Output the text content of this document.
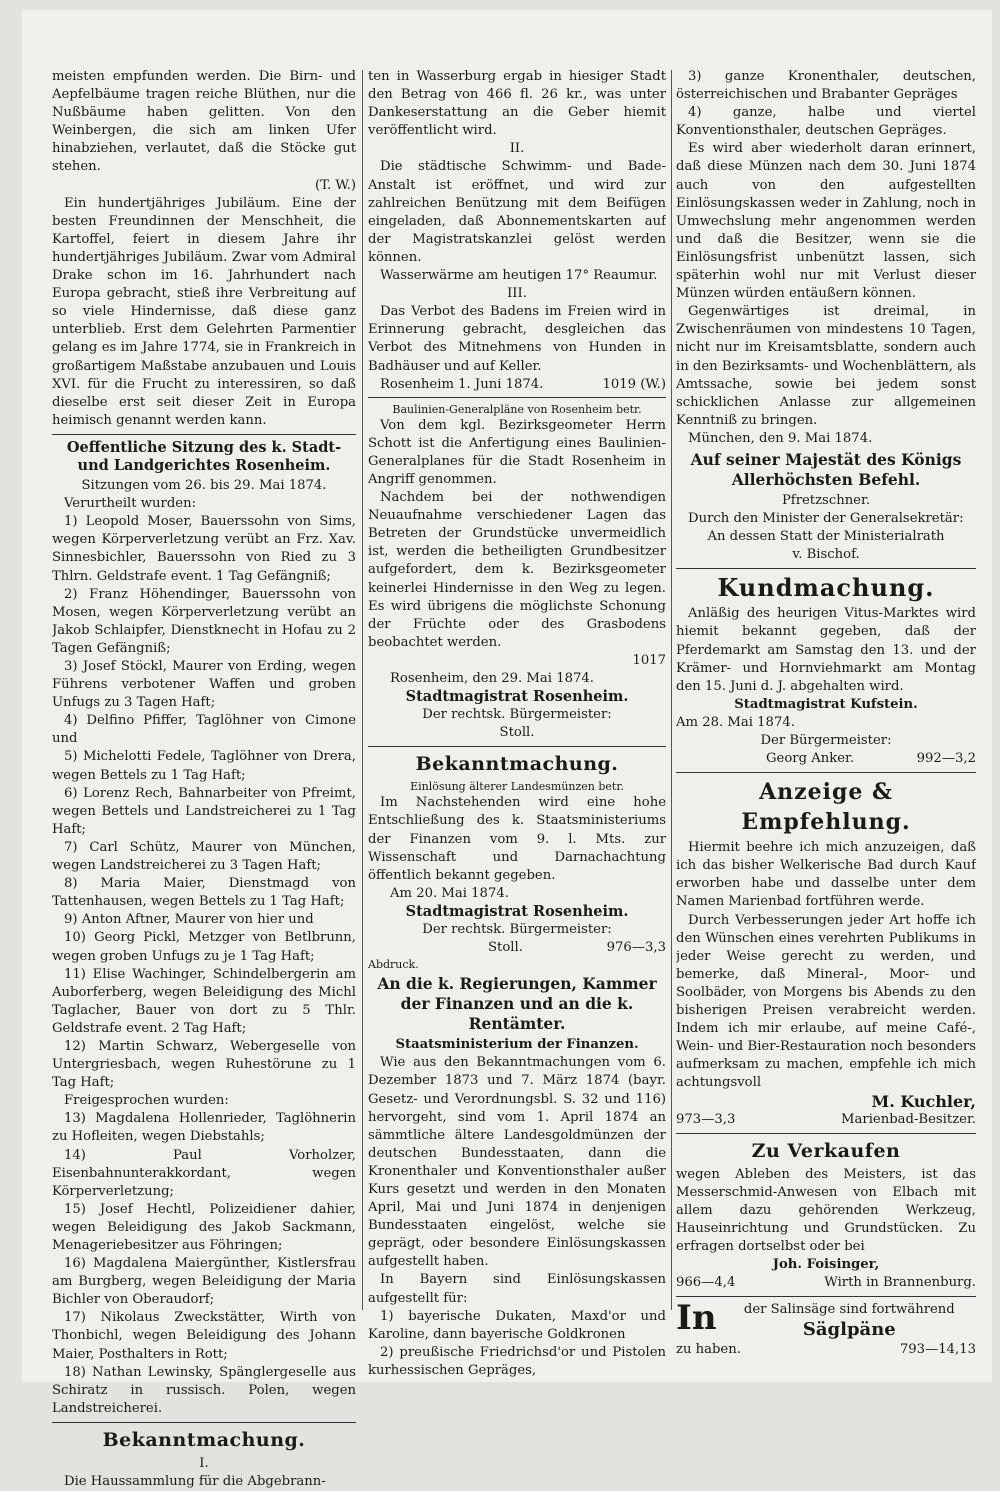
meisten empfunden werden. Die Birn- und Aepfelbäume tragen reiche Blüthen, nur die Nußbäume haben gelitten. Von den Weinbergen, die sich am linken Ufer hinabziehen, verlautet, daß die Stöcke gut stehen.

(T. W.)

Ein hundertjähriges Jubiläum. Eine der besten Freundinnen der Menschheit, die Kartoffel, feiert in diesem Jahre ihr hundertjähriges Jubiläum. Zwar vom Admiral Drake schon im 16. Jahrhundert nach Europa gebracht, stieß ihre Verbreitung auf so viele Hindernisse, daß diese ganz unterblieb. Erst dem Gelehrten Parmentier gelang es im Jahre 1774, sie in Frankreich in großartigem Maßstabe anzubauen und Louis XVI. für die Frucht zu interessiren, so daß dieselbe erst seit dieser Zeit in Europa heimisch genannt werden kann.

Oeffentliche Sitzung des k. Stadt- und Landgerichtes Rosenheim.
Sitzungen vom 26. bis 29. Mai 1874.

Verurtheilt wurden:

1) Leopold Moser, Bauerssohn von Sims, wegen Körperverletzung verübt an Frz. Xav. Sinnesbichler, Bauerssohn von Ried zu 3 Thlrn. Geldstrafe event. 1 Tag Gefängniß;

2) Franz Höhendinger, Bauerssohn von Mosen, wegen Körperverletzung verübt an Jakob Schlaipfer, Dienstknecht in Hofau zu 2 Tagen Gefängniß;

3) Josef Stöckl, Maurer von Erding, wegen Führens verbotener Waffen und groben Unfugs zu 3 Tagen Haft;

4) Delfino Pfiffer, Taglöhner von Cimone und

5) Michelotti Fedele, Taglöhner von Drera, wegen Bettels zu 1 Tag Haft;

6) Lorenz Rech, Bahnarbeiter von Pfreimt, wegen Bettels und Landstreicherei zu 1 Tag Haft;

7) Carl Schütz, Maurer von München, wegen Landstreicherei zu 3 Tagen Haft;

8) Maria Maier, Dienstmagd von Tattenhausen, wegen Bettels zu 1 Tag Haft;

9) Anton Aftner, Maurer von hier und

10) Georg Pickl, Metzger von Betlbrunn, wegen groben Unfugs zu je 1 Tag Haft;

11) Elise Wachinger, Schindelbergerin am Auborferberg, wegen Beleidigung des Michl Taglacher, Bauer von dort zu 5 Thlr. Geldstrafe event. 2 Tag Haft;

12) Martin Schwarz, Webergeselle von Untergriesbach, wegen Ruhestörune zu 1 Tag Haft;

Freigesprochen wurden:

13) Magdalena Hollenrieder, Taglöhnerin zu Hofleiten, wegen Diebstahls;

14) Paul Vorholzer, Eisenbahnunterakkordant, wegen Körperverletzung;

15) Josef Hechtl, Polizeidiener dahier, wegen Beleidigung des Jakob Sackmann, Menageriebesitzer aus Föhringen;

16) Magdalena Maiergünther, Kistlersfrau am Burgberg, wegen Beleidigung der Maria Bichler von Oberaudorf;

17) Nikolaus Zweckstätter, Wirth von Thonbichl, wegen Beleidigung des Johann Maier, Posthalters in Rott;

18) Nathan Lewinsky, Spänglergeselle aus Schiratz in russisch. Polen, wegen Landstreicherei.

Bekanntmachung.
I.

Die Haussammlung für die Abgebrann-

ten in Wasserburg ergab in hiesiger Stadt den Betrag von 466 fl. 26 kr., was unter Dankeserstattung an die Geber hiemit veröffentlicht wird.

II.

Die städtische Schwimm- und Bade-Anstalt ist eröffnet, und wird zur zahlreichen Benützung mit dem Beifügen eingeladen, daß Abonnementskarten auf der Magistratskanzlei gelöst werden können.

Wasserwärme am heutigen 17° Reaumur.

III.

Das Verbot des Badens im Freien wird in Erinnerung gebracht, desgleichen das Verbot des Mitnehmens von Hunden in Badhäuser und auf Keller.

Rosenheim 1. Juni 1874.	1019 (W.)
Baulinien-Generalpläne von Rosenheim betr.

Von dem kgl. Bezirksgeometer Herrn Schott ist die Anfertigung eines Baulinien-Generalplanes für die Stadt Rosenheim in Angriff genommen.

Nachdem bei der nothwendigen Neuaufnahme verschiedener Lagen das Betreten der Grundstücke unvermeidlich ist, werden die betheiligten Grundbesitzer aufgefordert, dem k. Bezirksgeometer keinerlei Hindernisse in den Weg zu legen. Es wird übrigens die möglichste Schonung der Früchte oder des Grasbodens beobachtet werden.

1017
Rosenheim, den 29. Mai 1874.
Stadtmagistrat Rosenheim.
Der rechtsk. Bürgermeister:
Stoll.
Bekanntmachung.
Einlösung älterer Landesmünzen betr.

Im Nachstehenden wird eine hohe Entschließung des k. Staatsministeriums der Finanzen vom 9. l. Mts. zur Wissenschaft und Darnachachtung öffentlich bekannt gegeben.

Am 20. Mai 1874.
Stadtmagistrat Rosenheim.
Der rechtsk. Bürgermeister:
Stoll.	976—3,3
Abdruck.
An die k. Regierungen, Kammer der Finanzen und an die k. Rentämter.
Staatsministerium der Finanzen.

Wie aus den Bekanntmachungen vom 6. Dezember 1873 und 7. März 1874 (bayr. Gesetz- und Verordnungsbl. S. 32 und 116) hervorgeht, sind vom 1. April 1874 an sämmtliche ältere Landesgoldmünzen der deutschen Bundesstaaten, dann die Kronenthaler und Konventionsthaler außer Kurs gesetzt und werden in den Monaten April, Mai und Juni 1874 in denjenigen Bundesstaaten eingelöst, welche sie geprägt, oder besondere Einlösungskassen aufgestellt haben.

In Bayern sind Einlösungskassen aufgestellt für:

1) bayerische Dukaten, Maxd'or und Karoline, dann bayerische Goldkronen

2) preußische Friedrichsd'or und Pistolen kurhessischen Gepräges,

3) ganze Kronenthaler, deutschen, österreichischen und Brabanter Gepräges

4) ganze, halbe und viertel Konventionsthaler, deutschen Gepräges.

Es wird aber wiederholt daran erinnert, daß diese Münzen nach dem 30. Juni 1874 auch von den aufgestellten Einlösungskassen weder in Zahlung, noch in Umwechslung mehr angenommen werden und daß die Besitzer, wenn sie die Einlösungsfrist unbenützt lassen, sich späterhin wohl nur mit Verlust dieser Münzen würden entäußern können.

Gegenwärtiges ist dreimal, in Zwischenräumen von mindestens 10 Tagen, nicht nur im Kreisamtsblatte, sondern auch in den Bezirksamts- und Wochenblättern, als Amtssache, sowie bei jedem sonst schicklichen Anlasse zur allgemeinen Kenntniß zu bringen.

München, den 9. Mai 1874.
Auf seiner Majestät des Königs Allerhöchsten Befehl.
Pfretzschner.

Durch den Minister der Generalsekretär:

An dessen Statt der Ministerialrath
v. Bischof.
Kundmachung.

Anläßig des heurigen Vitus-Marktes wird hiemit bekannt gegeben, daß der Pferdemarkt am Samstag den 13. und der Krämer- und Hornviehmarkt am Montag den 15. Juni d. J. abgehalten wird.

Stadtmagistrat Kufstein.
Am 28. Mai 1874.
Der Bürgermeister:
Georg Anker.	992—3,2
Anzeige & Empfehlung.

Hiermit beehre ich mich anzuzeigen, daß ich das bisher Welkerische Bad durch Kauf erworben habe und dasselbe unter dem Namen Marienbad fortführen werde.

Durch Verbesserungen jeder Art hoffe ich den Wünschen eines verehrten Publikums in jeder Weise gerecht zu werden, und bemerke, daß Mineral-, Moor- und Soolbäder, von Morgens bis Abends zu den bisherigen Preisen verabreicht werden. Indem ich mir erlaube, auf meine Café-, Wein- und Bier-Restauration noch besonders aufmerksam zu machen, empfehle ich mich achtungsvoll

M. Kuchler,
973—3,3	Marienbad-Besitzer.
Zu Verkaufen

wegen Ableben des Meisters, ist das Messerschmid-Anwesen von Elbach mit allem dazu gehörenden Werkzeug, Hauseinrichtung und Grundstücken. Zu erfragen dortselbst oder bei

Joh. Foisinger,
966—4,4	Wirth in Brannenburg.
In	der Salinsäge sind fortwährend
Säglpäne
zu haben.	793—14,13
